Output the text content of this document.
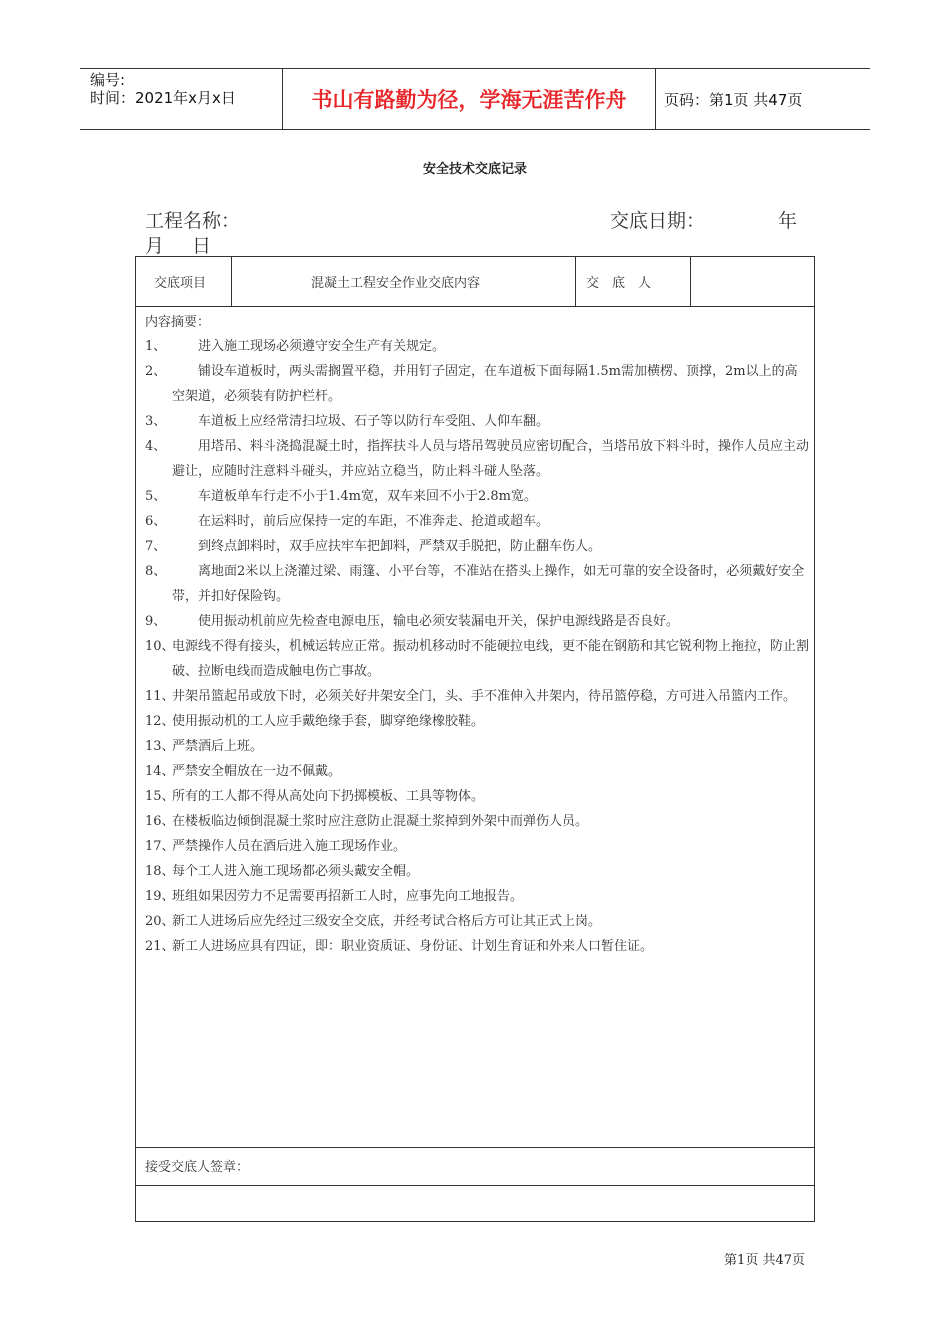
编号:
时间：2021年x月x日	书山有路勤为径，学海无涯苦作舟	页码：第1页 共47页
安全技术交底记录
工程名称：	交底日期：	年
月 日
交底项目	混凝土工程安全作业交底内容	交　底　人
内容摘要：
1、	进入施工现场必须遵守安全生产有关规定。
2、	铺设车道板时，两头需搁置平稳，并用钉子固定，在车道板下面每隔1.5m需加横楞、顶撑，2m以上的高空架道，必须装有防护栏杆。
3、	车道板上应经常清扫垃圾、石子等以防行车受阻、人仰车翻。
4、	用塔吊、料斗浇捣混凝土时，指挥扶斗人员与塔吊驾驶员应密切配合，当塔吊放下料斗时，操作人员应主动避让，应随时注意料斗碰头，并应站立稳当，防止料斗碰人坠落。
5、	车道板单车行走不小于1.4m宽，双车来回不小于2.8m宽。
6、	在运料时，前后应保持一定的车距，不准奔走、抢道或超车。
7、	到终点卸料时，双手应扶牢车把卸料，严禁双手脱把，防止翻车伤人。
8、	离地面2米以上浇灌过梁、雨篷、小平台等，不准站在搭头上操作，如无可靠的安全设备时，必须戴好安全带，并扣好保险钩。
9、	使用振动机前应先检查电源电压，输电必须安装漏电开关，保护电源线路是否良好。
10、
电源线不得有接头，机械运转应正常。振动机移动时不能硬拉电线，更不能在钢筋和其它锐利物上拖拉，防止割破、拉断电线而造成触电伤亡事故。
11、
井架吊篮起吊或放下时，必须关好井架安全门，头、手不准伸入井架内，待吊篮停稳，方可进入吊篮内工作。
12、
使用振动机的工人应手戴绝缘手套，脚穿绝缘橡胶鞋。
13、
严禁酒后上班。
14、
严禁安全帽放在一边不佩戴。
15、
所有的工人都不得从高处向下扔掷模板、工具等物体。
16、
在楼板临边倾倒混凝土浆时应注意防止混凝土浆掉到外架中而弹伤人员。
17、
严禁操作人员在酒后进入施工现场作业。
18、
每个工人进入施工现场都必须头戴安全帽。
19、
班组如果因劳力不足需要再招新工人时，应事先向工地报告。
20、
新工人进场后应先经过三级安全交底，并经考试合格后方可让其正式上岗。
21、
新工人进场应具有四证，即：职业资质证、身份证、计划生育证和外来人口暂住证。
接受交底人签章：
第1页 共47页
